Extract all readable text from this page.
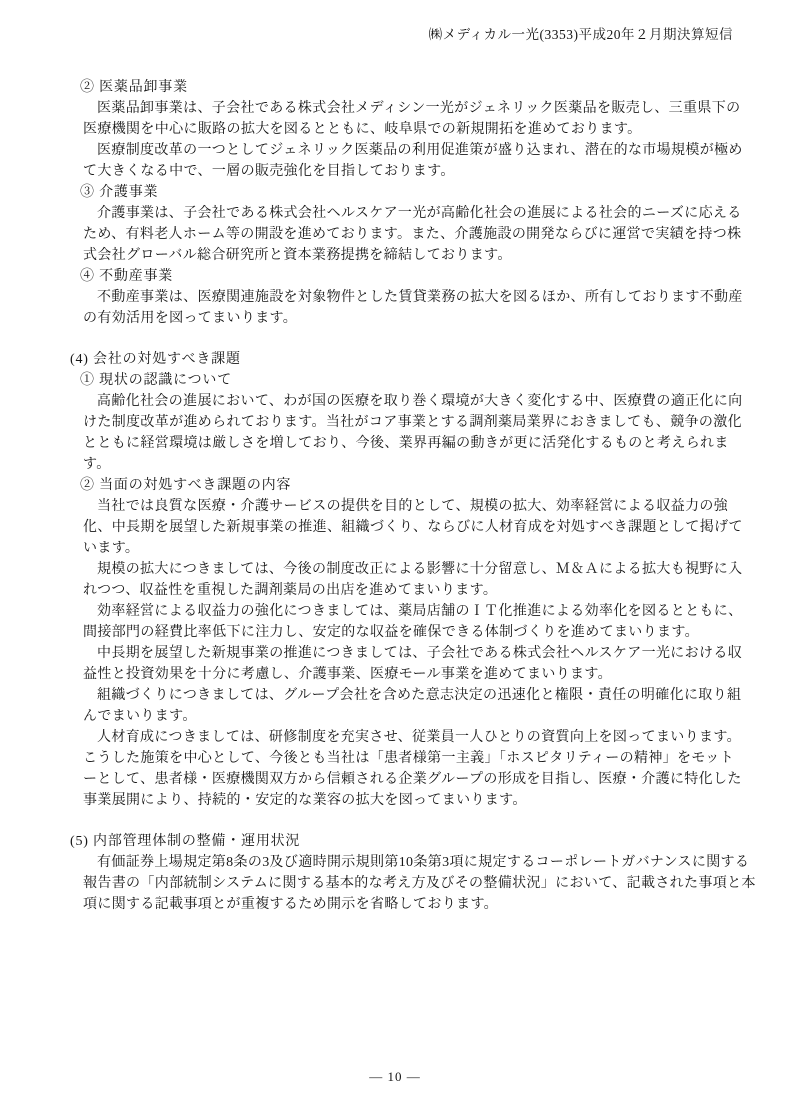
㈱メディカル一光(3353)平成20年２月期決算短信
② 医薬品卸事業
医薬品卸事業は、子会社である株式会社メディシン一光がジェネリック医薬品を販売し、三重県下の
医療機関を中心に販路の拡大を図るとともに、岐阜県での新規開拓を進めております。
医療制度改革の一つとしてジェネリック医薬品の利用促進策が盛り込まれ、潜在的な市場規模が極め
て大きくなる中で、一層の販売強化を目指しております。
③ 介護事業
介護事業は、子会社である株式会社ヘルスケア一光が高齢化社会の進展による社会的ニーズに応える
ため、有料老人ホーム等の開設を進めております。また、介護施設の開発ならびに運営で実績を持つ株
式会社グローバル総合研究所と資本業務提携を締結しております。
④ 不動産事業
不動産事業は、医療関連施設を対象物件とした賃貸業務の拡大を図るほか、所有しております不動産
の有効活用を図ってまいります。
(4) 会社の対処すべき課題
① 現状の認識について
高齢化社会の進展において、わが国の医療を取り巻く環境が大きく変化する中、医療費の適正化に向
けた制度改革が進められております。当社がコア事業とする調剤薬局業界におきましても、競争の激化
とともに経営環境は厳しさを増しており、今後、業界再編の動きが更に活発化するものと考えられま
す。
② 当面の対処すべき課題の内容
当社では良質な医療・介護サービスの提供を目的として、規模の拡大、効率経営による収益力の強
化、中長期を展望した新規事業の推進、組織づくり、ならびに人材育成を対処すべき課題として掲げて
います。
規模の拡大につきましては、今後の制度改正による影響に十分留意し、Ｍ＆Ａによる拡大も視野に入
れつつ、収益性を重視した調剤薬局の出店を進めてまいります。
効率経営による収益力の強化につきましては、薬局店舗のＩＴ化推進による効率化を図るとともに、
間接部門の経費比率低下に注力し、安定的な収益を確保できる体制づくりを進めてまいります。
中長期を展望した新規事業の推進につきましては、子会社である株式会社ヘルスケア一光における収
益性と投資効果を十分に考慮し、介護事業、医療モール事業を進めてまいります。
組織づくりにつきましては、グループ会社を含めた意志決定の迅速化と権限・責任の明確化に取り組
んでまいります。
人材育成につきましては、研修制度を充実させ、従業員一人ひとりの資質向上を図ってまいります。
こうした施策を中心として、今後とも当社は「患者様第一主義」「ホスピタリティーの精神」をモット
ーとして、患者様・医療機関双方から信頼される企業グループの形成を目指し、医療・介護に特化した
事業展開により、持続的・安定的な業容の拡大を図ってまいります。
(5) 内部管理体制の整備・運用状況
有価証券上場規定第8条の3及び適時開示規則第10条第3項に規定するコーポレートガバナンスに関する
報告書の「内部統制システムに関する基本的な考え方及びその整備状況」において、記載された事項と本
項に関する記載事項とが重複するため開示を省略しております。
― 10 ―
